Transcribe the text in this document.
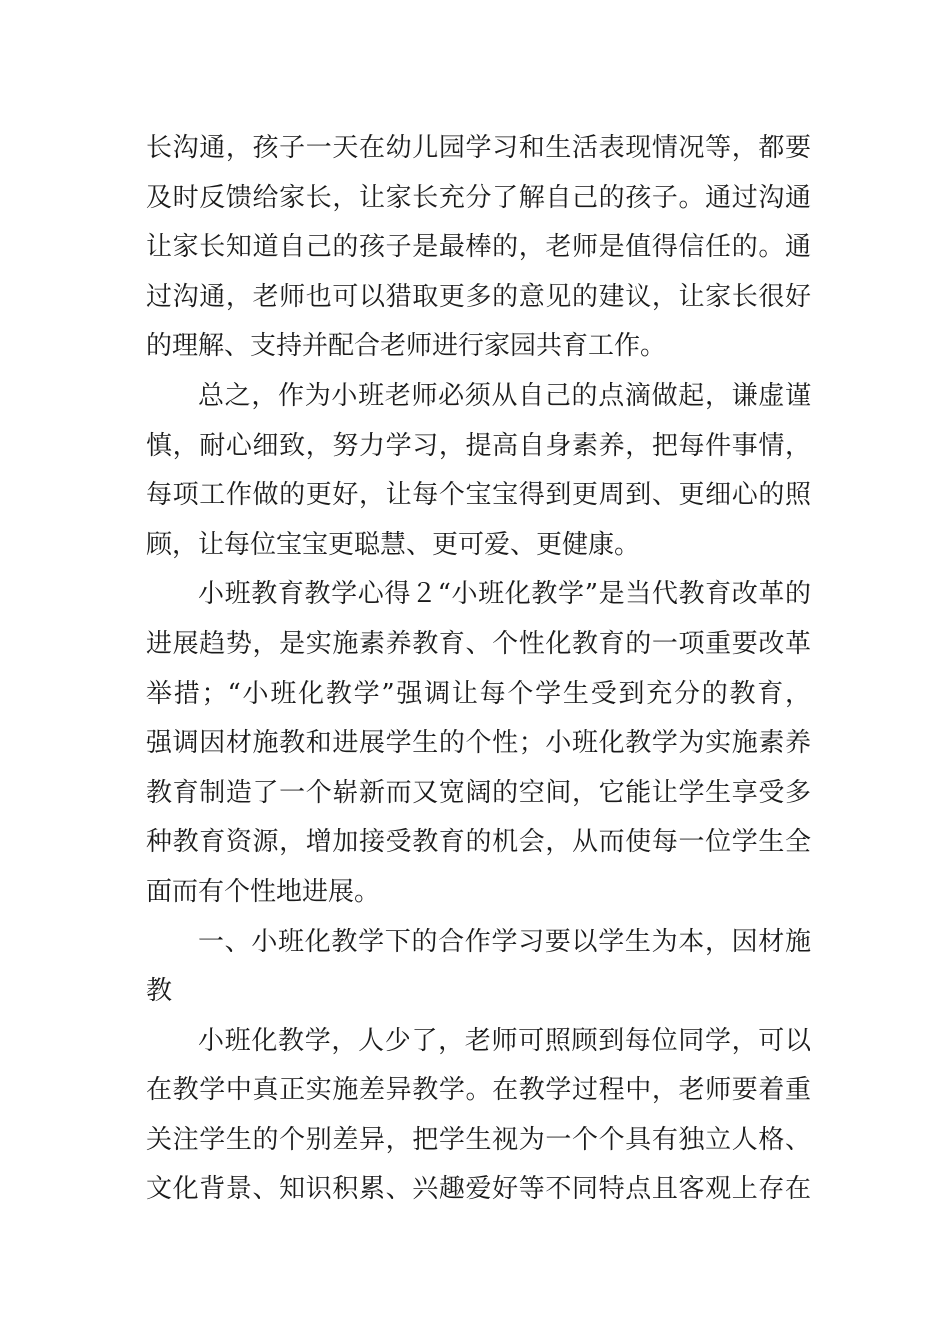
长沟通，孩子一天在幼儿园学习和生活表现情况等，都要
及时反馈给家长，让家长充分了解自己的孩子。通过沟通
让家长知道自己的孩子是最棒的，老师是值得信任的。通
过沟通，老师也可以猎取更多的意见的建议，让家长很好
的理解、支持并配合老师进行家园共育工作。
总之，作为小班老师必须从自己的点滴做起，谦虚谨
慎，耐心细致，努力学习，提高自身素养，把每件事情，
每项工作做的更好，让每个宝宝得到更周到、更细心的照
顾，让每位宝宝更聪慧、更可爱、更健康。
小班教育教学心得２“小班化教学”是当代教育改革的
进展趋势，是实施素养教育、个性化教育的一项重要改革
举措；“小班化教学”强调让每个学生受到充分的教育，
强调因材施教和进展学生的个性；小班化教学为实施素养
教育制造了一个崭新而又宽阔的空间，它能让学生享受多
种教育资源，增加接受教育的机会，从而使每一位学生全
面而有个性地进展。
一、小班化教学下的合作学习要以学生为本，因材施
教
小班化教学，人少了，老师可照顾到每位同学，可以
在教学中真正实施差异教学。在教学过程中，老师要着重
关注学生的个别差异，把学生视为一个个具有独立人格、
文化背景、知识积累、兴趣爱好等不同特点且客观上存在
